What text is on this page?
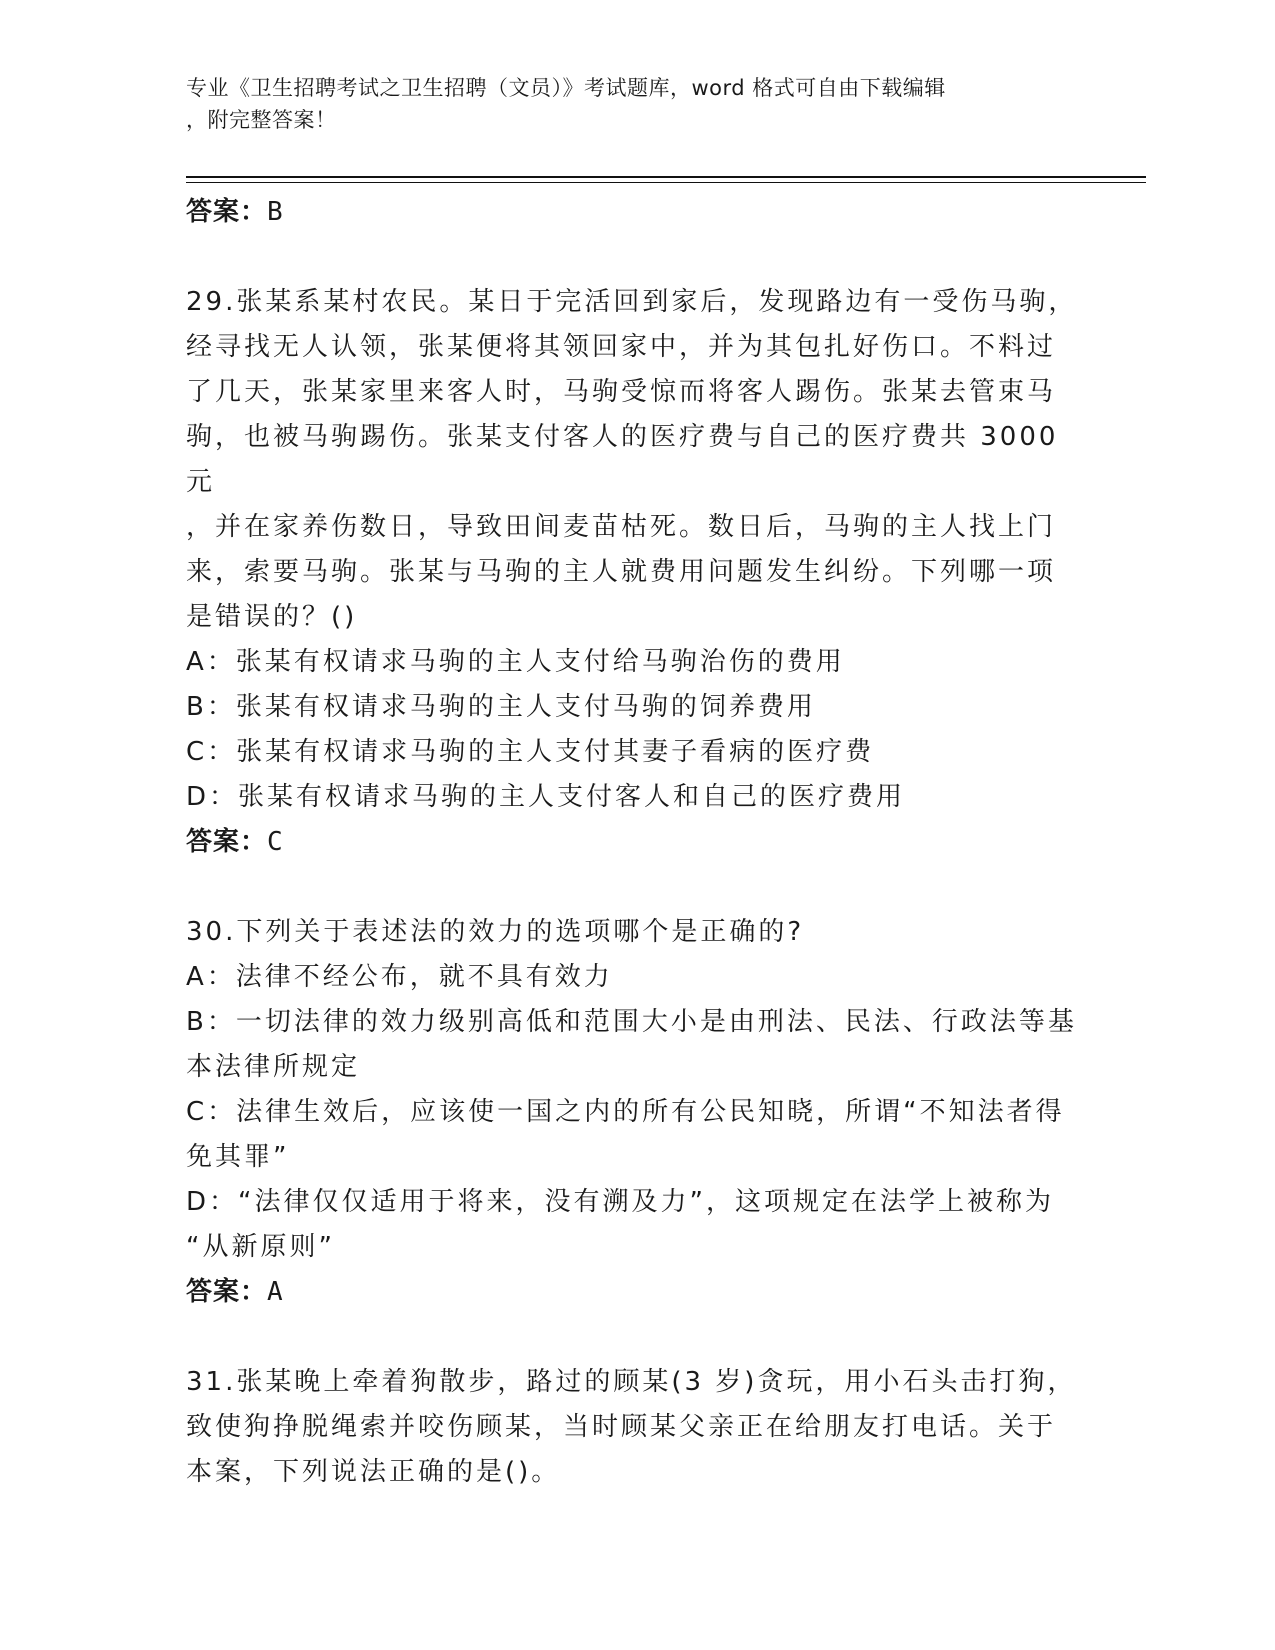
专业《卫生招聘考试之卫生招聘（文员）》考试题库，word 格式可自由下载编辑
，附完整答案！
答案：B
29.张某系某村农民。某日于完活回到家后，发现路边有一受伤马驹，
经寻找无人认领，张某便将其领回家中，并为其包扎好伤口。不料过
了几天，张某家里来客人时，马驹受惊而将客人踢伤。张某去管束马
驹，也被马驹踢伤。张某支付客人的医疗费与自己的医疗费共 3000 元
，并在家养伤数日，导致田间麦苗枯死。数日后，马驹的主人找上门
来，索要马驹。张某与马驹的主人就费用问题发生纠纷。下列哪一项
是错误的？()
A：张某有权请求马驹的主人支付给马驹治伤的费用
B：张某有权请求马驹的主人支付马驹的饲养费用
C：张某有权请求马驹的主人支付其妻子看病的医疗费
D：张某有权请求马驹的主人支付客人和自己的医疗费用
答案：C
30.下列关于表述法的效力的选项哪个是正确的?
A：法律不经公布，就不具有效力
B：一切法律的效力级别高低和范围大小是由刑法、民法、行政法等基
本法律所规定
C：法律生效后，应该使一国之内的所有公民知晓，所谓“不知法者得
免其罪”
D：“法律仅仅适用于将来，没有溯及力”，这项规定在法学上被称为
“从新原则”
答案：A
31.张某晚上牵着狗散步，路过的顾某(3 岁)贪玩，用小石头击打狗，
致使狗挣脱绳索并咬伤顾某，当时顾某父亲正在给朋友打电话。关于
本案，下列说法正确的是()。
